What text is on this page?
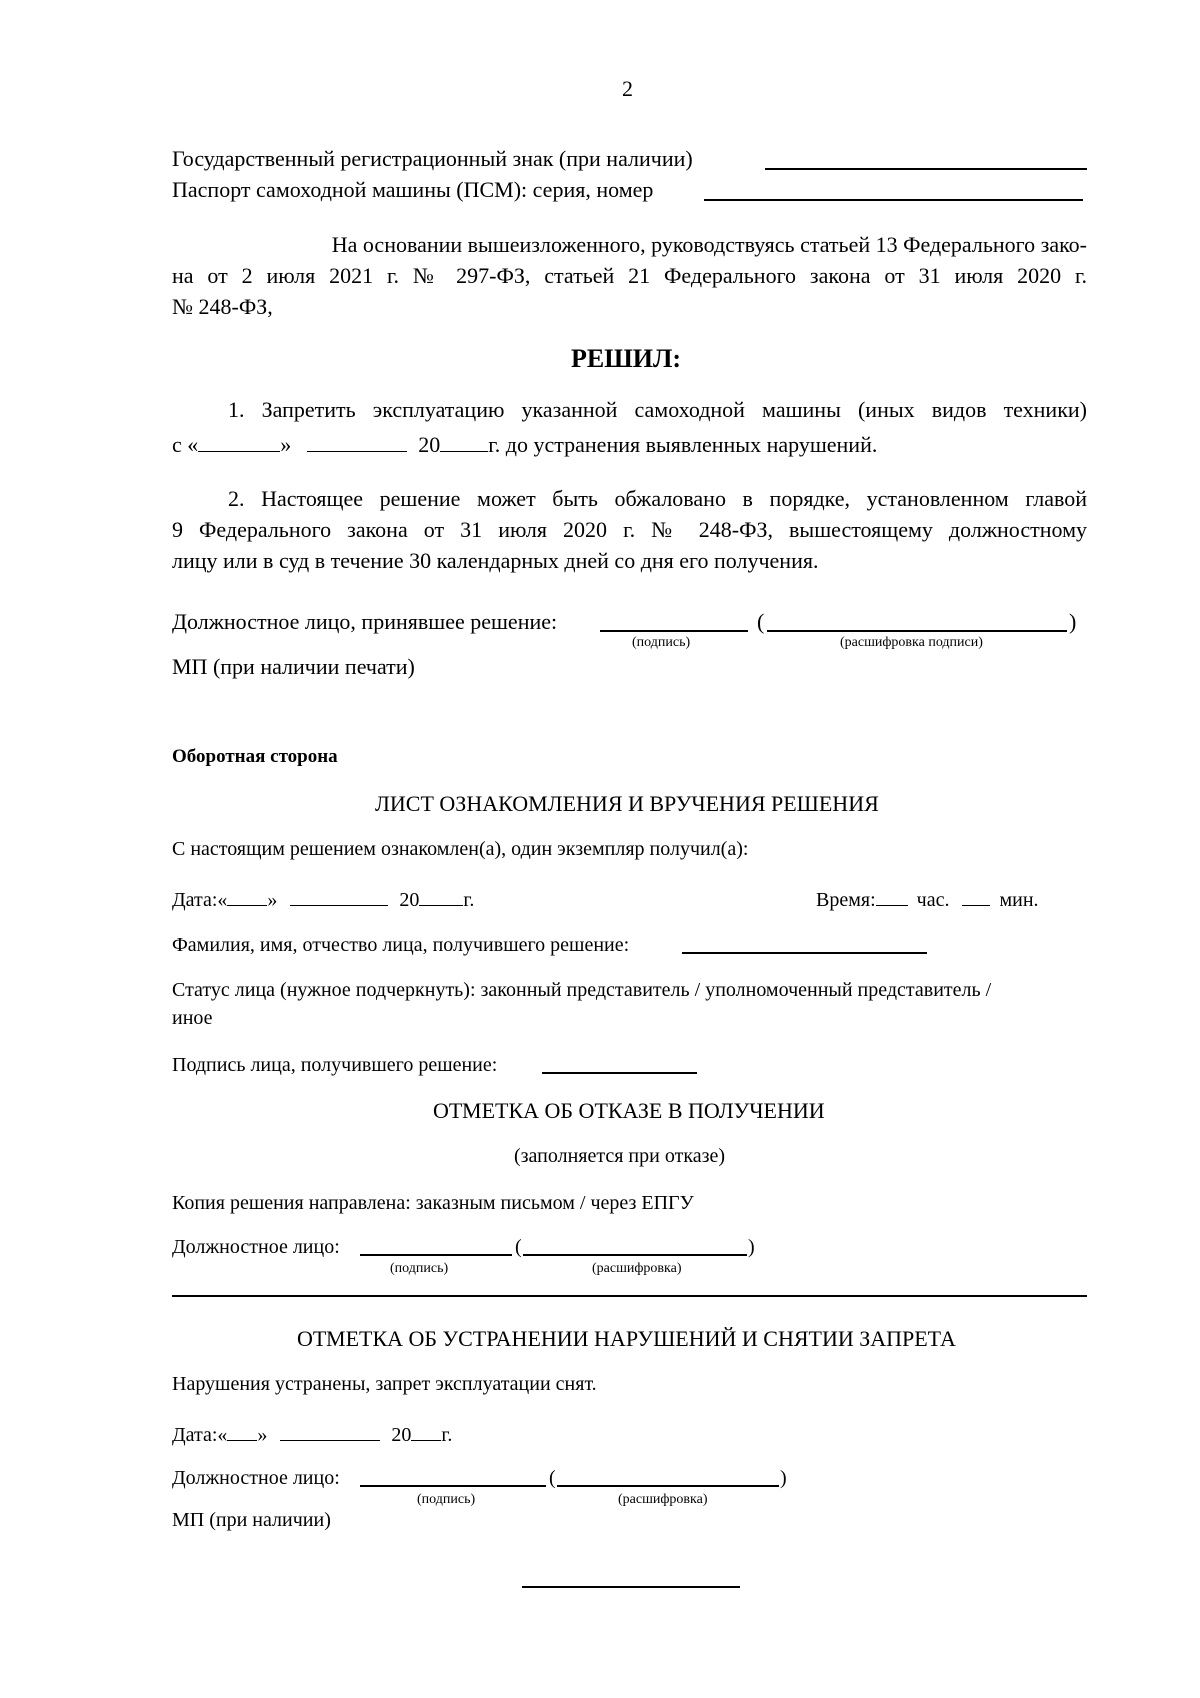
2
Государственный регистрационный знак (при наличии)
Паспорт самоходной машины (ПСМ): серия, номер
На основании вышеизложенного, руководствуясь статьей 13 Федерального зако-
на от 2 июля 2021 г. № 297-ФЗ, статьей 21 Федерального закона от 31 июля 2020 г.
№ 248-ФЗ,
РЕШИЛ:
1. Запретить эксплуатацию указанной самоходной машины (иных видов техники)
с «	»	20 г. до устранения выявленных нарушений.
2. Настоящее решение может быть обжаловано в порядке, установленном главой
9 Федерального закона от 31 июля 2020 г. № 248-ФЗ, вышестоящему должностному
лицу или в суд в течение 30 календарных дней со дня его получения.
Должностное лицо, принявшее решение:	(	)
(подпись)	(расшифровка подписи)
МП (при наличии печати)
Оборотная сторона
ЛИСТ ОЗНАКОМЛЕНИЯ И ВРУЧЕНИЯ РЕШЕНИЯ
С настоящим решением ознакомлен(а), один экземпляр получил(а):
Дата:« »	20 г.	Время: час.	мин.
Фамилия, имя, отчество лица, получившего решение:
Статус лица (нужное подчеркнуть): законный представитель / уполномоченный представитель /
иное
Подпись лица, получившего решение:
ОТМЕТКА ОБ ОТКАЗЕ В ПОЛУЧЕНИИ
(заполняется при отказе)
Копия решения направлена: заказным письмом / через ЕПГУ
Должностное лицо:	(	)
(подпись)	(расшифровка)
ОТМЕТКА ОБ УСТРАНЕНИИ НАРУШЕНИЙ И СНЯТИИ ЗАПРЕТА
Нарушения устранены, запрет эксплуатации снят.
Дата:« »	20 г.
Должностное лицо:	(	)
(подпись)	(расшифровка)
МП (при наличии)
